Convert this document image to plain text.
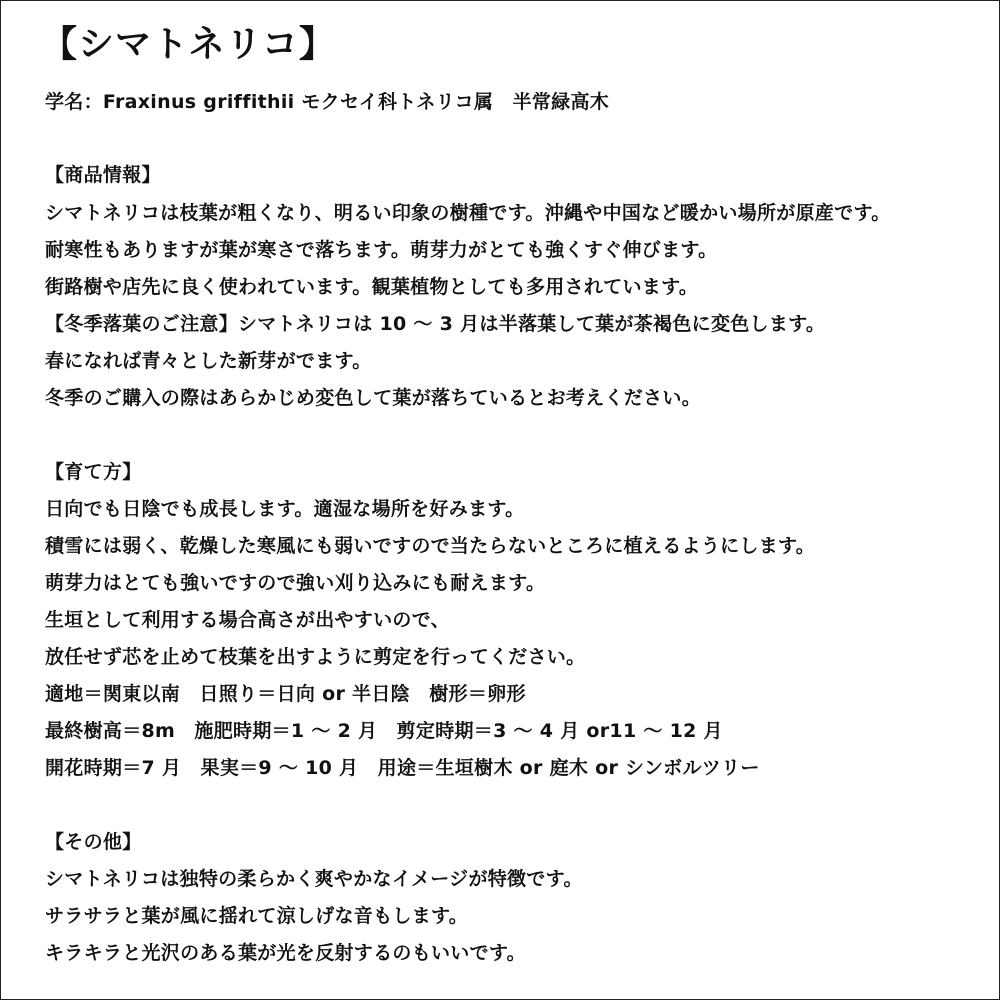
【シマトネリコ】
学名：Fraxinus griffithii モクセイ科トネリコ属　半常緑高木
【商品情報】
シマトネリコは枝葉が粗くなり、明るい印象の樹種です。沖縄や中国など暖かい場所が原産です。
耐寒性もありますが葉が寒さで落ちます。萌芽力がとても強くすぐ伸びます。
街路樹や店先に良く使われています。観葉植物としても多用されています。
【冬季落葉のご注意】シマトネリコは 10 ～ 3 月は半落葉して葉が茶褐色に変色します。
春になれば青々とした新芽がでます。
冬季のご購入の際はあらかじめ変色して葉が落ちているとお考えください。
【育て方】
日向でも日陰でも成長します。適湿な場所を好みます。
積雪には弱く、乾燥した寒風にも弱いですので当たらないところに植えるようにします。
萌芽力はとても強いですので強い刈り込みにも耐えます。
生垣として利用する場合高さが出やすいので、
放任せず芯を止めて枝葉を出すように剪定を行ってください。
適地＝関東以南　日照り＝日向 or 半日陰　樹形＝卵形
最終樹高＝8m　施肥時期＝1 ～ 2 月　剪定時期＝3 ～ 4 月 or11 ～ 12 月
開花時期＝7 月　果実＝9 ～ 10 月　用途＝生垣樹木 or 庭木 or シンボルツリー
【その他】
シマトネリコは独特の柔らかく爽やかなイメージが特徴です。
サラサラと葉が風に揺れて涼しげな音もします。
キラキラと光沢のある葉が光を反射するのもいいです。
